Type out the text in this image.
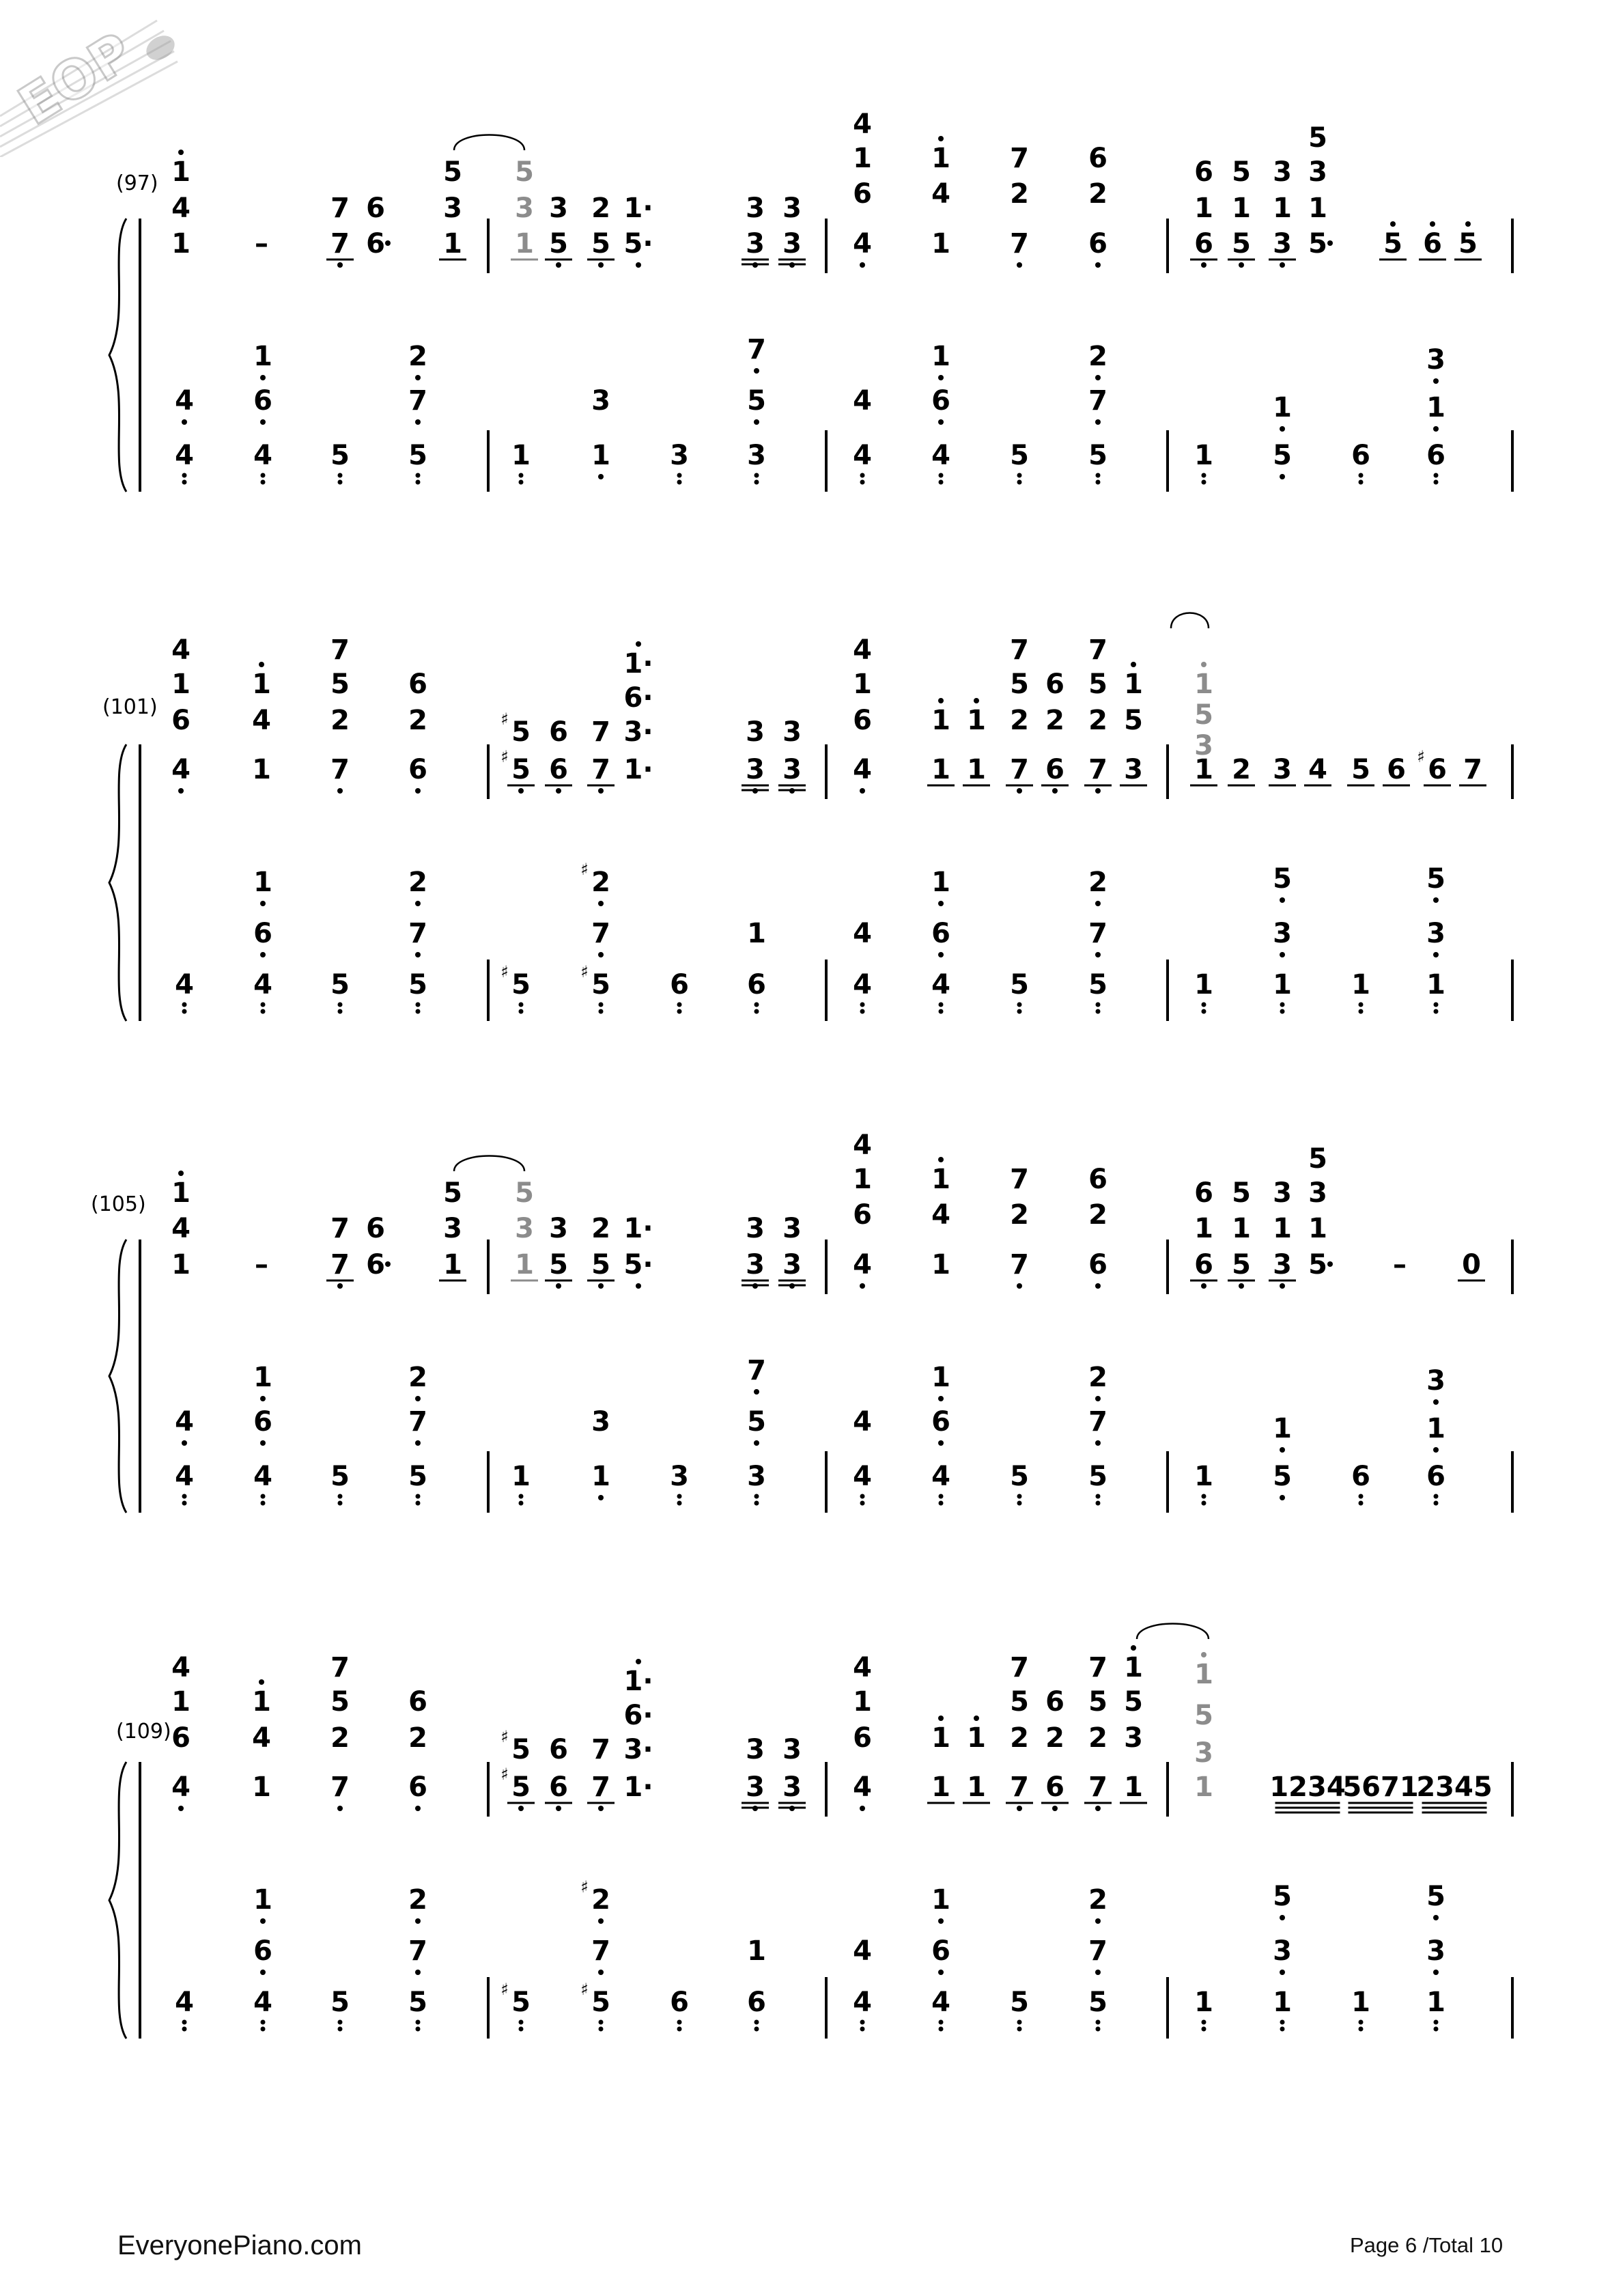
EOP
(97) 1
4
1 –
7 6
7 6
5
3
1
5
3
1
3
5
2
5
1·
5·
3 3
3 3
4
1
6
4
1
4
1
7
2
7
6
2
6
6
1
6
5
1
5
3
1
3
5
3
1
5 5 6 5
1	2	7	1	2	3
4 6	7	3	5	4 6	7	1	1
4 4 5 5	1 1 3 3	4 4 5 5	1 5 6 6
(101)
4
1
6
4
1
4
1
7
5
2
7
6
2
6
5
♯ 6 7
5
♯ 6 7
1·
6·
3·
1·
3 3
3 3
4
1
6
4
1 1
1 1
7
5
2
7
6
2
6
7
5
2
7
1
5
3
1
5
3
1 2 3 4 5 6 6
♯ 7
1	2	2
♯	1	2	5	5
6	7	7	1	4 6	7	3	3
4 4 5 5	5
♯	5
♯	6 6	4 4 5 5	1 1 1 1
(105) 1
4
1 –
7 6
7 6
5
3
1
5
3
1
3
5
2
5
1·
5·
3 3
3 3
4
1
6
4
1
4
1
7
2
7
6
2
6
6
1
6
5
1
5
3
1
3
5
3
1
5 – 0
1	2	7	1	2	3
4 6	7	3	5	4 6	7	1	1
4 4 5 5	1 1 3 3	4 4 5 5	1 5 6 6
(109)
4
1
6
4
1
4
1
7
5
2
7
6
2
6
5
♯ 6 7
5
♯ 6 7
1·
6·
3·
1·
3 3
3 3
4
1
6
4
1 1
1 1
7
5
2
7
6
2
6
7
5
2
7
1
5
3
1
1
5
3
1 1234
5671
2345
1	2	2
♯	1	2	5	5
6	7	7	1	4 6	7	3	3
4 4 5 5	5
♯	5
♯	6 6	4 4 5 5	1 1 1 1
EveryonePiano.com	Page 6 /Total 10
